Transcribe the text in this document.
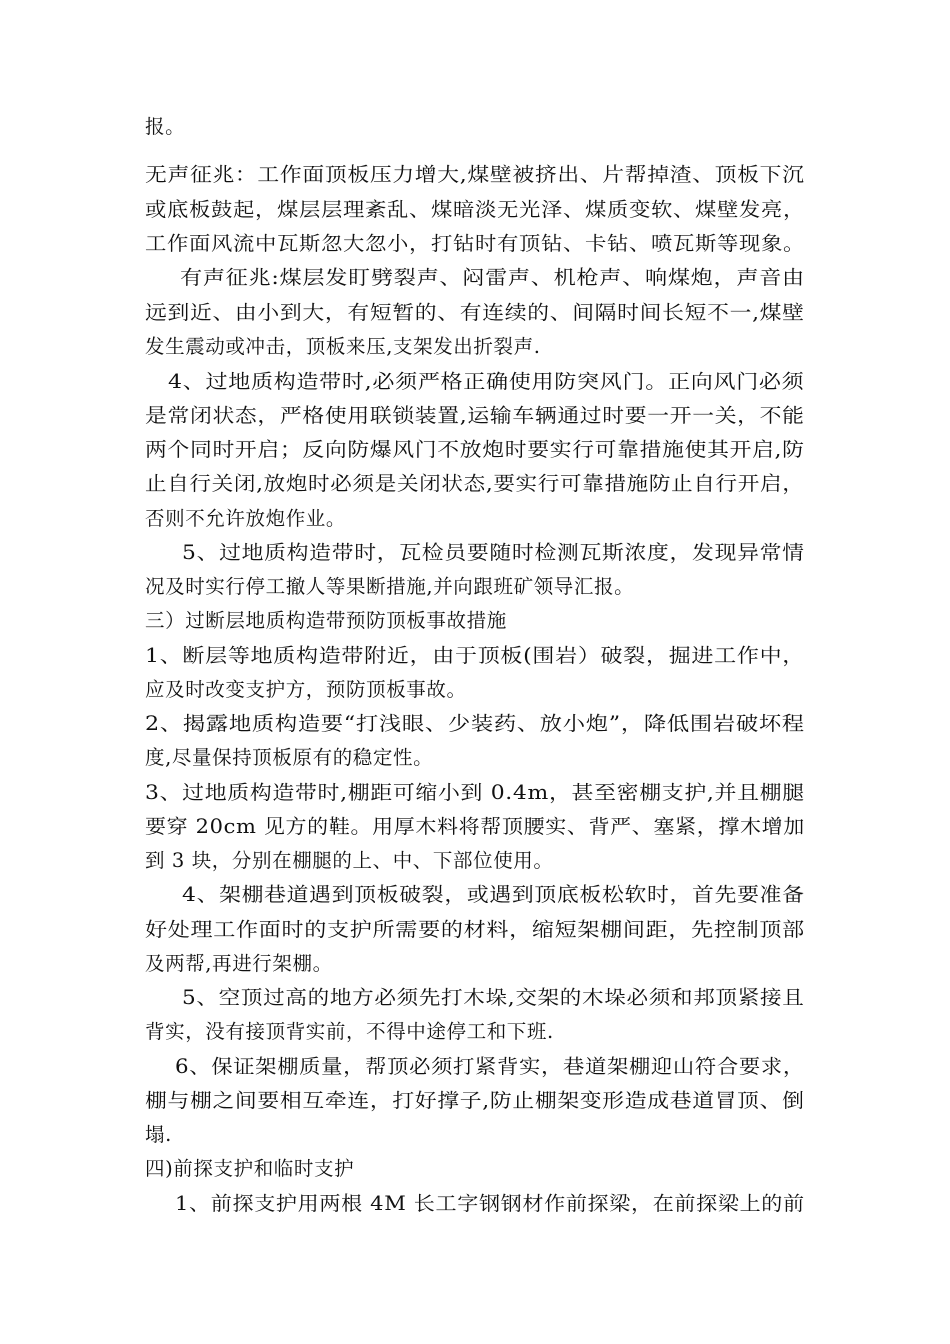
报。
无声征兆：工作面顶板压力增大,煤壁被挤出、片帮掉渣、顶板下沉
或底板鼓起，煤层层理紊乱、煤暗淡无光泽、煤质变软、煤壁发亮，
工作面风流中瓦斯忽大忽小，打钻时有顶钻、卡钻、喷瓦斯等现象。
有声征兆:煤层发盯劈裂声、闷雷声、机枪声、响煤炮，声音由
远到近、由小到大，有短暂的、有连续的、间隔时间长短不一,煤壁
发生震动或冲击，顶板来压,支架发出折裂声.
4、过地质构造带时,必须严格正确使用防突风门。正向风门必须
是常闭状态，严格使用联锁装置,运输车辆通过时要一开一关，不能
两个同时开启；反向防爆风门不放炮时要实行可靠措施使其开启,防
止自行关闭,放炮时必须是关闭状态,要实行可靠措施防止自行开启，
否则不允许放炮作业。
5、过地质构造带时，瓦检员要随时检测瓦斯浓度，发现异常情
况及时实行停工撤人等果断措施,并向跟班矿领导汇报。
三）过断层地质构造带预防顶板事故措施
1、断层等地质构造带附近，由于顶板(围岩）破裂，掘进工作中，
应及时改变支护方，预防顶板事故。
2、揭露地质构造要“打浅眼、少装药、放小炮”，降低围岩破坏程
度,尽量保持顶板原有的稳定性。
3、过地质构造带时,棚距可缩小到 0.4m，甚至密棚支护,并且棚腿
要穿 20cm 见方的鞋。用厚木料将帮顶腰实、背严、塞紧，撑木增加
到 3 块，分别在棚腿的上、中、下部位使用。
4、架棚巷道遇到顶板破裂，或遇到顶底板松软时，首先要准备
好处理工作面时的支护所需要的材料，缩短架棚间距，先控制顶部
及两帮,再进行架棚。
5、空顶过高的地方必须先打木垛,交架的木垛必须和邦顶紧接且
背实，没有接顶背实前，不得中途停工和下班.
6、保证架棚质量，帮顶必须打紧背实，巷道架棚迎山符合要求，
棚与棚之间要相互牵连，打好撑子,防止棚架变形造成巷道冒顶、倒
塌.
四)前探支护和临时支护
1、前探支护用两根 4M 长工字钢钢材作前探梁，在前探梁上的前
